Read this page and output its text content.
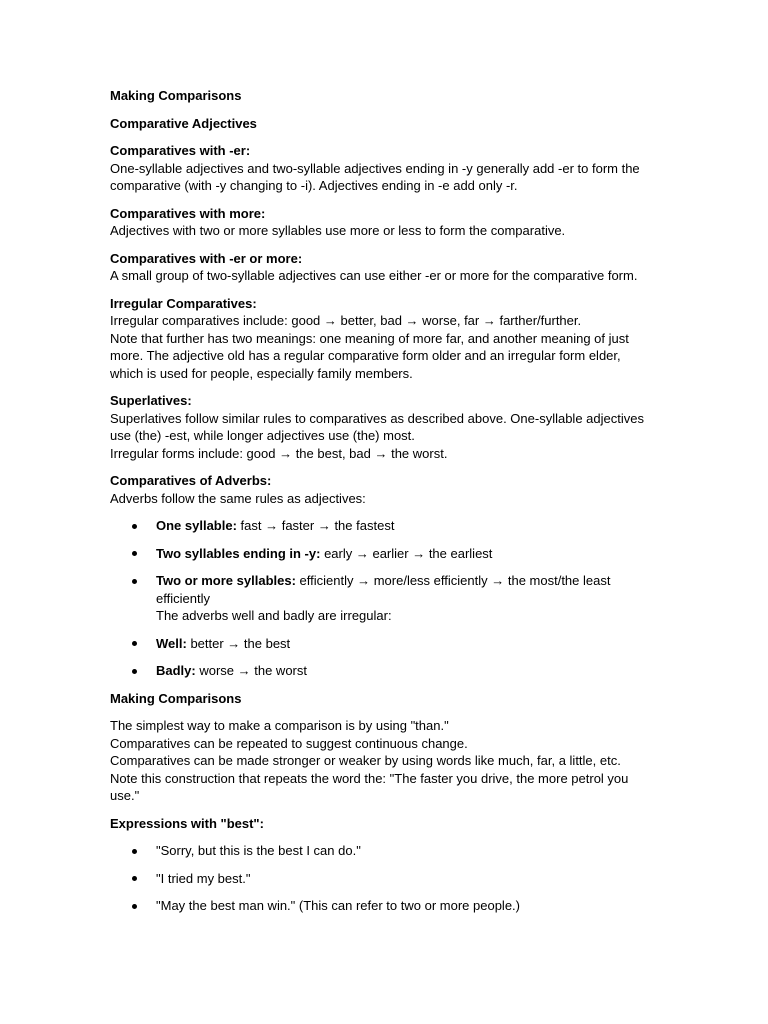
Making Comparisons

Comparative Adjectives

Comparatives with -er:

One-syllable adjectives and two-syllable adjectives ending in -y generally add -er to form the comparative (with -y changing to -i). Adjectives ending in -e add only -r.

Comparatives with more:

Adjectives with two or more syllables use more or less to form the comparative.

Comparatives with -er or more:

A small group of two-syllable adjectives can use either -er or more for the comparative form.

Irregular Comparatives:

Irregular comparatives include: good → better, bad → worse, far → farther/further.

Note that further has two meanings: one meaning of more far, and another meaning of just more. The adjective old has a regular comparative form older and an irregular form elder, which is used for people, especially family members.

Superlatives:

Superlatives follow similar rules to comparatives as described above. One-syllable adjectives use (the) -est, while longer adjectives use (the) most.

Irregular forms include: good → the best, bad → the worst.

Comparatives of Adverbs:

Adverbs follow the same rules as adjectives:

One syllable: fast → faster → the fastest
Two syllables ending in -y: early → earlier → the earliest
Two or more syllables: efficiently → more/less efficiently → the most/the least efficiently
The adverbs well and badly are irregular:
Well: better → the best
Badly: worse → the worst

Making Comparisons

The simplest way to make a comparison is by using "than."

Comparatives can be repeated to suggest continuous change.

Comparatives can be made stronger or weaker by using words like much, far, a little, etc.

Note this construction that repeats the word the: "The faster you drive, the more petrol you use."

Expressions with "best":

"Sorry, but this is the best I can do."
"I tried my best."
"May the best man win." (This can refer to two or more people.)
